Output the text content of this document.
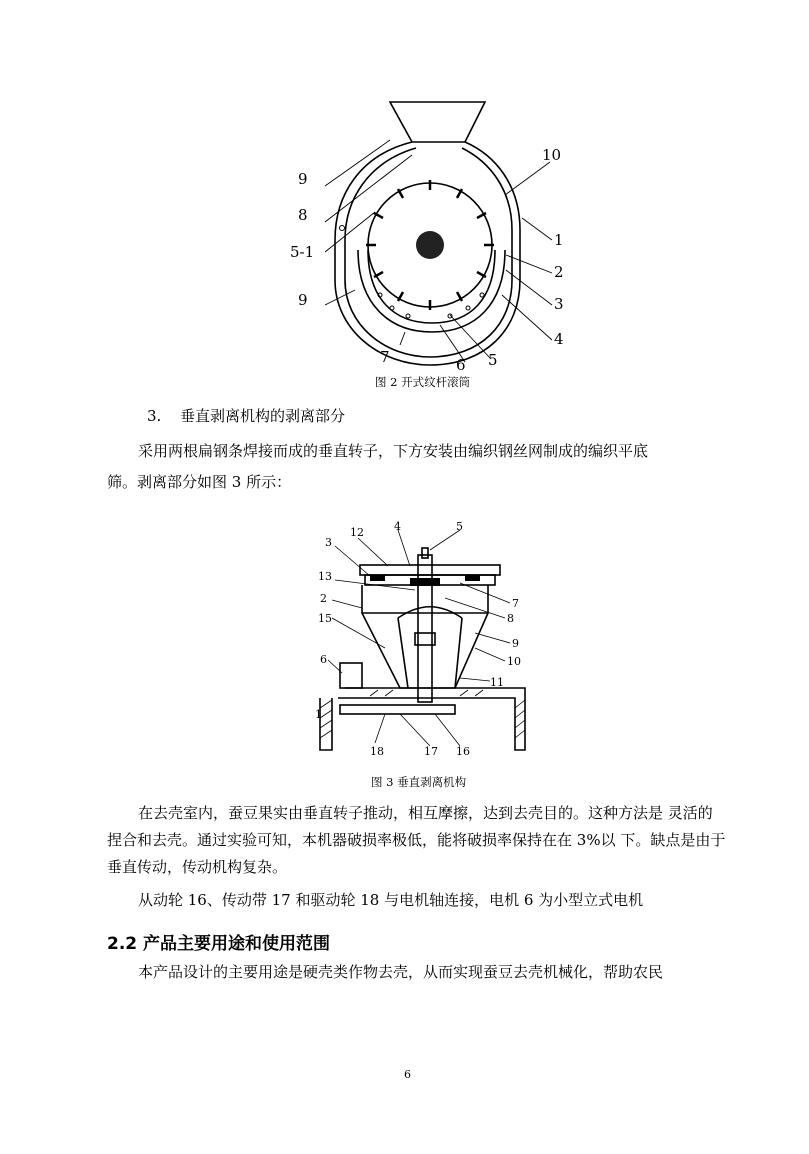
10
9
8
5-1
9
7	6 5
4
3
2
1
图 2 开式纹杆滚筒
3. 垂直剥离机构的剥离部分
采用两根扁钢条焊接而成的垂直转子，下方安装由编织钢丝网制成的编织平底
筛。剥离部分如图 3 所示：
12	4	5
3
13
2
15
6
1
18	17 16
11
10
9
8
7
图 3 垂直剥离机构
在去壳室内，蚕豆果实由垂直转子推动，相互摩擦，达到去壳目的。这种方法是 灵活的
捏合和去壳。通过实验可知，本机器破损率极低，能将破损率保持在在 3%以 下。缺点是由于
垂直传动，传动机构复杂。
从动轮 16、传动带 17 和驱动轮 18 与电机轴连接，电机 6 为小型立式电机
2.2 产品主要用途和使用范围
本产品设计的主要用途是硬壳类作物去壳，从而实现蚕豆去壳机械化，帮助农民
6
